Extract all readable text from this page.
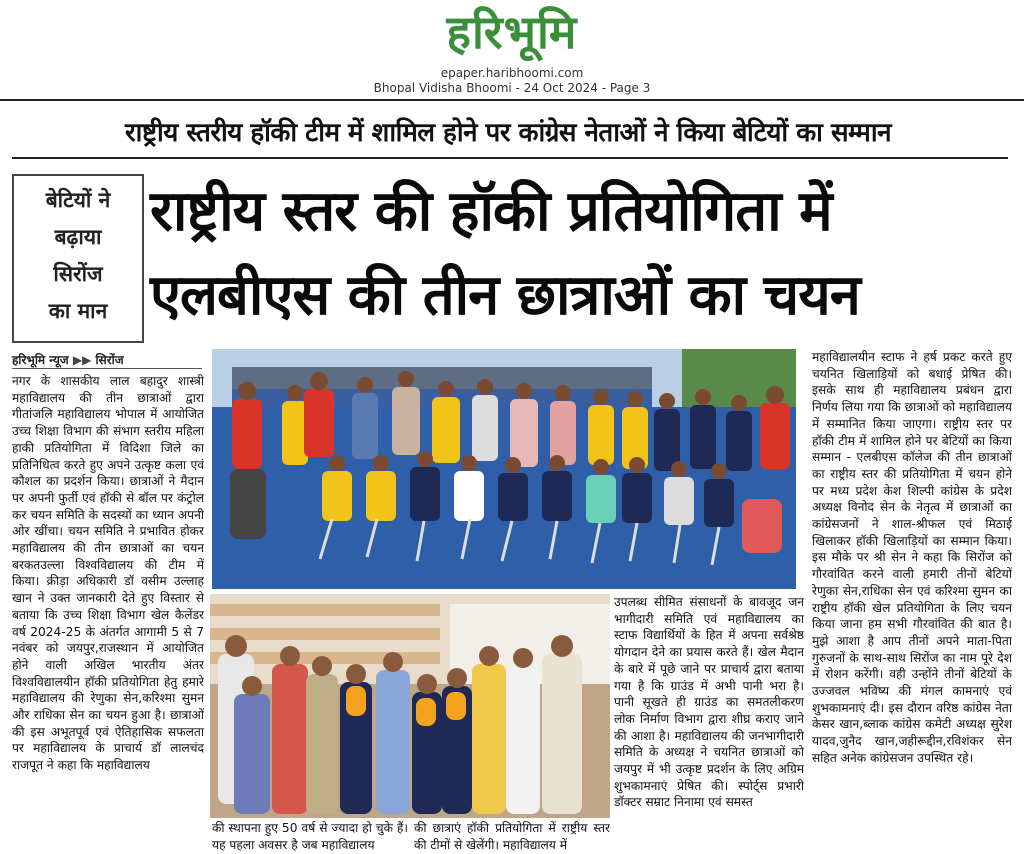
हरिभूमि
epaper.haribhoomi.com
Bhopal Vidisha Bhoomi - 24 Oct 2024 - Page 3
राष्ट्रीय स्तरीय हॉकी टीम में शामिल होने पर कांग्रेस नेताओं ने किया बेटियों का सम्मान
बेटियों ने
बढ़ाया
सिरोंज
का मान
राष्ट्रीय स्तर की हॉकी प्रतियोगिता में
एलबीएस की तीन छात्राओं का चयन
हरिभूमि न्यूज ▶▶ सिरोंज
नगर के शासकीय लाल बहादुर शास्त्री महाविद्यालय की तीन छात्राओं द्वारा गीतांजलि महाविद्यालय भोपाल में आयोजित उच्च शिक्षा विभाग की संभाग स्तरीय महिला हाकी प्रतियोगिता में विदिशा जिले का प्रतिनिधित्व करते हुए अपने उत्कृष्ट कला एवं कौशल का प्रदर्शन किया। छात्राओं ने मैदान पर अपनी फुर्ती एवं हॉकी से बॉल पर कंट्रोल कर चयन समिति के सदस्यों का ध्यान अपनी ओर खींचा। चयन समिति ने प्रभावित होकर महाविद्यालय की तीन छात्राओं का चयन बरकतउल्ला विश्वविद्यालय की टीम में किया। क्रीड़ा अधिकारी डॉ वसीम उल्लाह खान ने उक्त जानकारी देते हुए विस्तार से बताया कि उच्च शिक्षा विभाग खेल कैलेंडर वर्ष 2024-25 के अंतर्गत आगामी 5 से 7 नवंबर को जयपुर,राजस्थान में आयोजित होने वाली अखिल भारतीय अंतर विश्वविद्यालयीन हॉकी प्रतियोगिता हेतु हमारे महाविद्यालय की रेणुका सेन,करिश्मा सुमन और राधिका सेन का चयन हुआ है। छात्राओं की इस अभूतपूर्व एवं ऐतिहासिक सफलता पर महाविद्यालय के प्राचार्य डॉ लालचंद राजपूत ने कहा कि महाविद्यालय
की स्थापना हुए 50 वर्ष से ज्यादा हो चुके हैं। यह पहला अवसर है जब महाविद्यालय
की छात्राएं हॉकी प्रतियोगिता में राष्ट्रीय स्तर की टीमों से खेलेंगी। महाविद्यालय में
उपलब्ध सीमित संसाधनों के बावजूद जन भागीदारी समिति एवं महाविद्यालय का स्टाफ विद्यार्थियों के हित में अपना सर्वश्रेष्ठ योगदान देने का प्रयास करते हैं। खेल मैदान के बारे में पूछे जाने पर प्राचार्य द्वारा बताया गया है कि ग्राउंड में अभी पानी भरा है। पानी सूखते ही ग्राउंड का समतलीकरण लोक निर्माण विभाग द्वारा शीघ्र कराए जाने की आशा है। महाविद्यालय की जनभागीदारी समिति के अध्यक्ष ने चयनित छात्राओं को जयपुर में भी उत्कृष्ट प्रदर्शन के लिए अग्रिम शुभकामनाएं प्रेषित की। स्पोर्ट्स प्रभारी डॉक्टर सम्राट निनामा एवं समस्त
महाविद्यालयीन स्टाफ ने हर्ष प्रकट करते हुए चयनित खिलाड़ियों को बधाई प्रेषित की। इसके साथ ही महाविद्यालय प्रबंधन द्वारा निर्णय लिया गया कि छात्राओं को महाविद्यालय में सम्मानित किया जाएगा। राष्ट्रीय स्तर पर हॉकी टीम में शामिल होने पर बेटियों का किया सम्मान - एलबीएस कॉलेज की तीन छात्राओं का राष्ट्रीय स्तर की प्रतियोगिता में चयन होने पर मध्य प्रदेश केश शिल्पी कांग्रेस के प्रदेश अध्यक्ष विनोद सेन के नेतृत्व में छात्राओं का कांग्रेसजनों ने शाल-श्रीफल एवं मिठाई खिलाकर हॉकी खिलाड़ियों का सम्मान किया। इस मौके पर श्री सेन ने कहा कि सिरोंज को गौरवांवित करने वाली हमारी तीनों बेटियों रेणुका सेन,राधिका सेन एवं करिश्मा सुमन का राष्ट्रीय हॉकी खेल प्रतियोगिता के लिए चयन किया जाना हम सभी गौरवांवित की बात है। मुझे आशा है आप तीनों अपने माता-पिता गुरुजनों के साथ-साथ सिरोंज का नाम पूरे देश में रोशन करेंगी। वही उन्होंने तीनों बेटियों के उज्जवल भविष्य की मंगल कामनाएं एवं शुभकामनाएं दी। इस दौरान वरिष्ठ कांग्रेस नेता केसर खान,ब्लाक कांग्रेस कमेटी अध्यक्ष सुरेश यादव,जुनैद खान,जहीरूद्दीन,रविशंकर सेन सहित अनेक कांग्रेसजन उपस्थित रहे।
